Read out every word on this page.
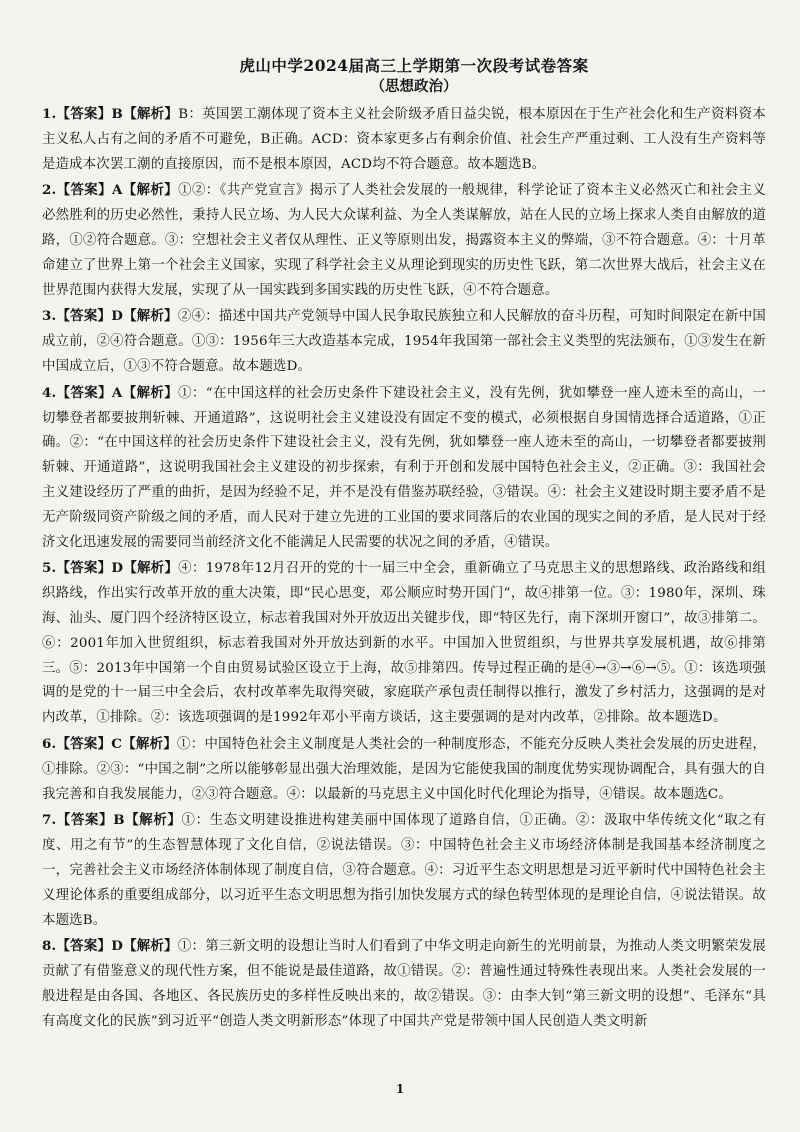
虎山中学2024届高三上学期第一次段考试卷答案
（思想政治）

1.【答案】B【解析】B：英国罢工潮体现了资本主义社会阶级矛盾日益尖锐，根本原因在于生产社会化和生产资料资本主义私人占有之间的矛盾不可避免，B正确。ACD：资本家更多占有剩余价值、社会生产严重过剩、工人没有生产资料等是造成本次罢工潮的直接原因，而不是根本原因，ACD均不符合题意。故本题选B。

2.【答案】A【解析】①②：《共产党宣言》揭示了人类社会发展的一般规律，科学论证了资本主义必然灭亡和社会主义必然胜利的历史必然性，秉持人民立场、为人民大众谋利益、为全人类谋解放，站在人民的立场上探求人类自由解放的道路，①②符合题意。③：空想社会主义者仅从理性、正义等原则出发，揭露资本主义的弊端，③不符合题意。④：十月革命建立了世界上第一个社会主义国家，实现了科学社会主义从理论到现实的历史性飞跃，第二次世界大战后，社会主义在世界范围内获得大发展，实现了从一国实践到多国实践的历史性飞跃，④不符合题意。

3.【答案】D【解析】②④：描述中国共产党领导中国人民争取民族独立和人民解放的奋斗历程，可知时间限定在新中国成立前，②④符合题意。①③：1956年三大改造基本完成，1954年我国第一部社会主义类型的宪法颁布，①③发生在新中国成立后，①③不符合题意。故本题选D。

4.【答案】A【解析】①：“在中国这样的社会历史条件下建设社会主义，没有先例，犹如攀登一座人迹未至的高山，一切攀登者都要披荆斩棘、开通道路”，这说明社会主义建设没有固定不变的模式，必须根据自身国情选择合适道路，①正确。②：“在中国这样的社会历史条件下建设社会主义，没有先例，犹如攀登一座人迹未至的高山，一切攀登者都要披荆斩棘、开通道路”，这说明我国社会主义建设的初步探索，有利于开创和发展中国特色社会主义，②正确。③：我国社会主义建设经历了严重的曲折，是因为经验不足，并不是没有借鉴苏联经验，③错误。④：社会主义建设时期主要矛盾不是无产阶级同资产阶级之间的矛盾，而人民对于建立先进的工业国的要求同落后的农业国的现实之间的矛盾，是人民对于经济文化迅速发展的需要同当前经济文化不能满足人民需要的状况之间的矛盾，④错误。

5.【答案】D【解析】④：1978年12月召开的党的十一届三中全会，重新确立了马克思主义的思想路线、政治路线和组织路线，作出实行改革开放的重大决策，即“民心思变，邓公顺应时势开国门”，故④排第一位。③：1980年，深圳、珠海、汕头、厦门四个经济特区设立，标志着我国对外开放迈出关键步伐，即“特区先行，南下深圳开窗口”，故③排第二。⑥：2001年加入世贸组织，标志着我国对外开放达到新的水平。中国加入世贸组织，与世界共享发展机遇，故⑥排第三。⑤：2013年中国第一个自由贸易试验区设立于上海，故⑤排第四。传导过程正确的是④→③→⑥→⑤。①：该选项强调的是党的十一届三中全会后，农村改革率先取得突破，家庭联产承包责任制得以推行，激发了乡村活力，这强调的是对内改革，①排除。②：该选项强调的是1992年邓小平南方谈话，这主要强调的是对内改革，②排除。故本题选D。

6.【答案】C【解析】①：中国特色社会主义制度是人类社会的一种制度形态，不能充分反映人类社会发展的历史进程，①排除。②③：“中国之制”之所以能够彰显出强大治理效能，是因为它能使我国的制度优势实现协调配合，具有强大的自我完善和自我发展能力，②③符合题意。④：以最新的马克思主义中国化时代化理论为指导，④错误。故本题选C。

7.【答案】B【解析】①：生态文明建设推进构建美丽中国体现了道路自信，①正确。②：汲取中华传统文化“取之有度、用之有节”的生态智慧体现了文化自信，②说法错误。③：中国特色社会主义市场经济体制是我国基本经济制度之一，完善社会主义市场经济体制体现了制度自信，③符合题意。④：习近平生态文明思想是习近平新时代中国特色社会主义理论体系的重要组成部分，以习近平生态文明思想为指引加快发展方式的绿色转型体现的是理论自信，④说法错误。故本题选B。

8.【答案】D【解析】①：第三新文明的设想让当时人们看到了中华文明走向新生的光明前景，为推动人类文明繁荣发展贡献了有借鉴意义的现代性方案，但不能说是最佳道路，故①错误。②：普遍性通过特殊性表现出来。人类社会发展的一般进程是由各国、各地区、各民族历史的多样性反映出来的，故②错误。③：由李大钊“第三新文明的设想”、毛泽东“具有高度文化的民族”到习近平“创造人类文明新形态”体现了中国共产党是带领中国人民创造人类文明新

1
